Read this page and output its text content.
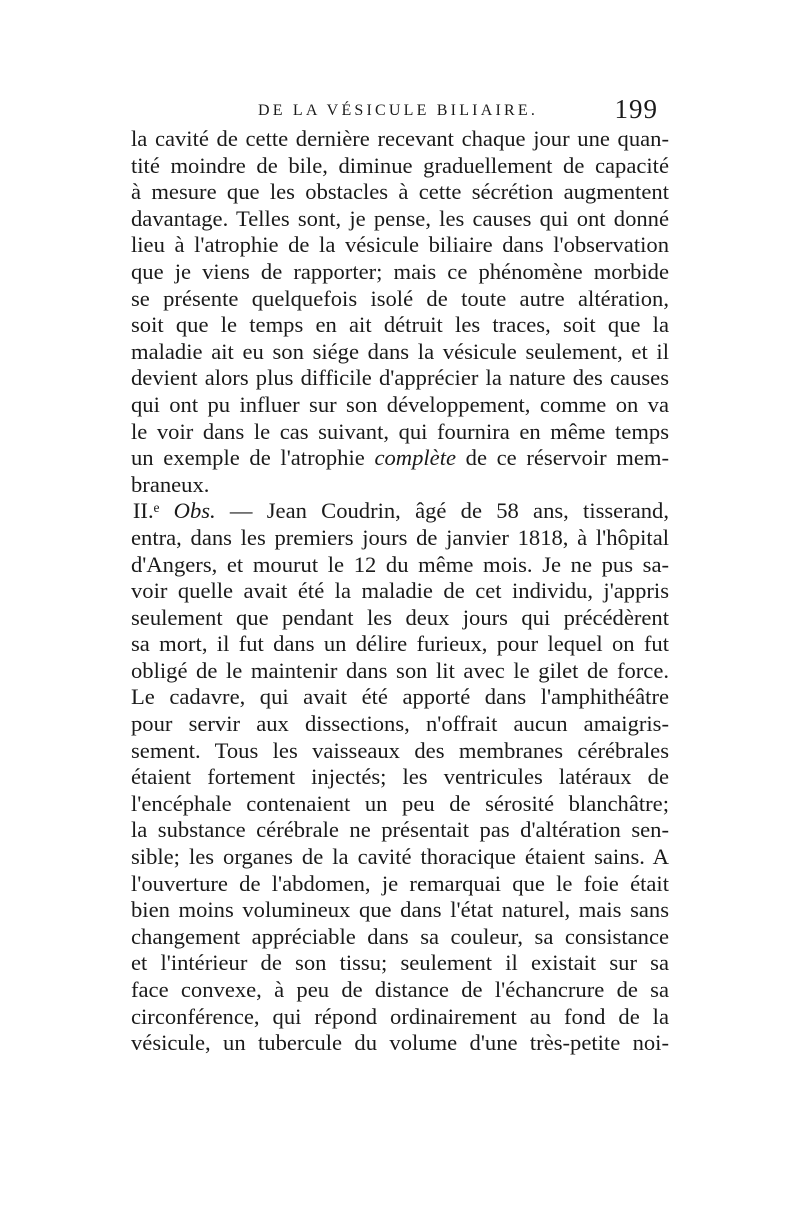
DE LA VÉSICULE BILIAIRE.	199
la cavité de cette dernière recevant chaque jour une quan-
tité moindre de bile, diminue graduellement de capacité
à mesure que les obstacles à cette sécrétion augmentent
davantage. Telles sont, je pense, les causes qui ont donné
lieu à l'atrophie de la vésicule biliaire dans l'observation
que je viens de rapporter; mais ce phénomène morbide
se présente quelquefois isolé de toute autre altération,
soit que le temps en ait détruit les traces, soit que la
maladie ait eu son siége dans la vésicule seulement, et il
devient alors plus difficile d'apprécier la nature des causes
qui ont pu influer sur son développement, comme on va
le voir dans le cas suivant, qui fournira en même temps
un exemple de l'atrophie complète de ce réservoir mem-
braneux.
II.ᵉ Obs. — Jean Coudrin, âgé de 58 ans, tisserand,
entra, dans les premiers jours de janvier 1818, à l'hôpital
d'Angers, et mourut le 12 du même mois. Je ne pus sa-
voir quelle avait été la maladie de cet individu, j'appris
seulement que pendant les deux jours qui précédèrent
sa mort, il fut dans un délire furieux, pour lequel on fut
obligé de le maintenir dans son lit avec le gilet de force.
Le cadavre, qui avait été apporté dans l'amphithéâtre
pour servir aux dissections, n'offrait aucun amaigris-
sement. Tous les vaisseaux des membranes cérébrales
étaient fortement injectés; les ventricules latéraux de
l'encéphale contenaient un peu de sérosité blanchâtre;
la substance cérébrale ne présentait pas d'altération sen-
sible; les organes de la cavité thoracique étaient sains. A
l'ouverture de l'abdomen, je remarquai que le foie était
bien moins volumineux que dans l'état naturel, mais sans
changement appréciable dans sa couleur, sa consistance
et l'intérieur de son tissu; seulement il existait sur sa
face convexe, à peu de distance de l'échancrure de sa
circonférence, qui répond ordinairement au fond de la
vésicule, un tubercule du volume d'une très-petite noi-
